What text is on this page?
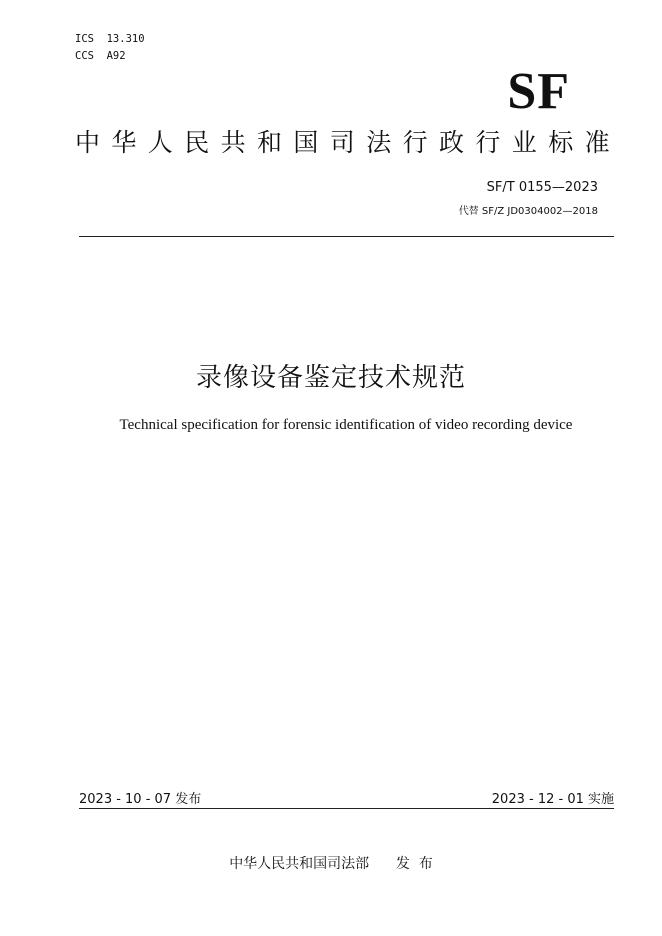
ICS  13.310
CCS  A92
SF
中华人民共和国司法行政行业标准
SF/T 0155—2023
代替 SF/Z JD0304002—2018
录像设备鉴定技术规范
Technical specification for forensic identification of video recording device
2023 - 10 - 07 发布	2023 - 12 - 01 实施
中华人民共和国司法部      发  布
